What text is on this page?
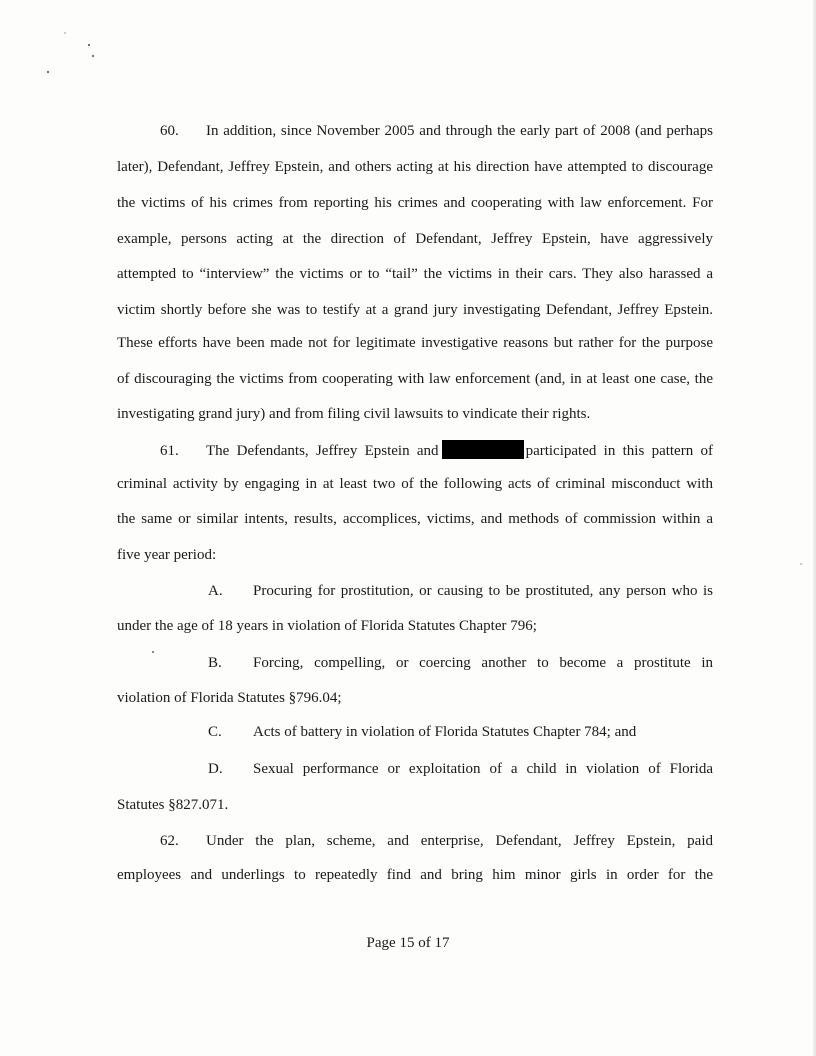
60. In addition, since November 2005 and through the early part of 2008 (and perhaps
later), Defendant, Jeffrey Epstein, and others acting at his direction have attempted to discourage
the victims of his crimes from reporting his crimes and cooperating with law enforcement. For
example, persons acting at the direction of Defendant, Jeffrey Epstein, have aggressively
attempted to “interview” the victims or to “tail” the victims in their cars. They also harassed a
victim shortly before she was to testify at a grand jury investigating Defendant, Jeffrey Epstein.
These efforts have been made not for legitimate investigative reasons but rather for the purpose
of discouraging the victims from cooperating with law enforcement (and, in at least one case, the
investigating grand jury) and from filing civil lawsuits to vindicate their rights.
61. The Defendants, Jeffrey Epstein and	participated in this pattern of
criminal activity by engaging in at least two of the following acts of criminal misconduct with
the same or similar intents, results, accomplices, victims, and methods of commission within a
five year period:
A. Procuring for prostitution, or causing to be prostituted, any person who is
under the age of 18 years in violation of Florida Statutes Chapter 796;
B. Forcing, compelling, or coercing another to become a prostitute in
violation of Florida Statutes §796.04;
C. Acts of battery in violation of Florida Statutes Chapter 784; and
D. Sexual performance or exploitation of a child in violation of Florida
Statutes §827.071.
62. Under the plan, scheme, and enterprise, Defendant, Jeffrey Epstein, paid
employees and underlings to repeatedly find and bring him minor girls in order for the
Page 15 of 17
